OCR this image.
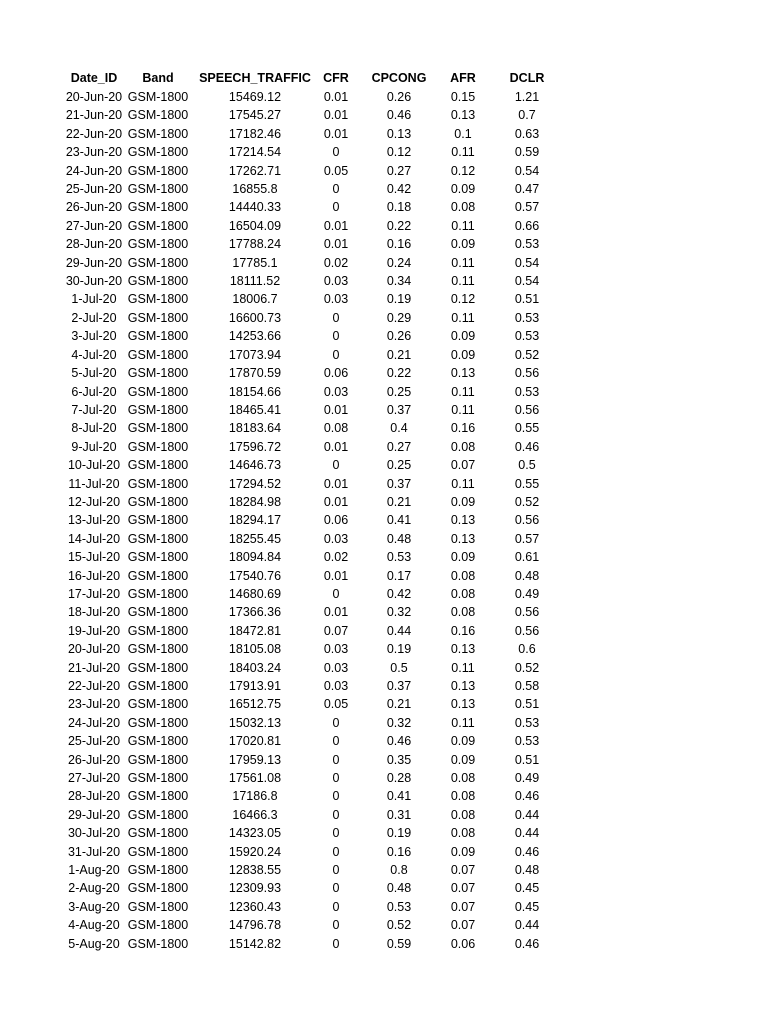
Date_ID	Band	SPEECH_TRAFFIC	CFR	CPCONG	AFR	DCLR
20-Jun-20	GSM-1800	15469.12	0.01	0.26	0.15	1.21
21-Jun-20	GSM-1800	17545.27	0.01	0.46	0.13	0.7
22-Jun-20	GSM-1800	17182.46	0.01	0.13	0.1	0.63
23-Jun-20	GSM-1800	17214.54	0	0.12	0.11	0.59
24-Jun-20	GSM-1800	17262.71	0.05	0.27	0.12	0.54
25-Jun-20	GSM-1800	16855.8	0	0.42	0.09	0.47
26-Jun-20	GSM-1800	14440.33	0	0.18	0.08	0.57
27-Jun-20	GSM-1800	16504.09	0.01	0.22	0.11	0.66
28-Jun-20	GSM-1800	17788.24	0.01	0.16	0.09	0.53
29-Jun-20	GSM-1800	17785.1	0.02	0.24	0.11	0.54
30-Jun-20	GSM-1800	18111.52	0.03	0.34	0.11	0.54
1-Jul-20	GSM-1800	18006.7	0.03	0.19	0.12	0.51
2-Jul-20	GSM-1800	16600.73	0	0.29	0.11	0.53
3-Jul-20	GSM-1800	14253.66	0	0.26	0.09	0.53
4-Jul-20	GSM-1800	17073.94	0	0.21	0.09	0.52
5-Jul-20	GSM-1800	17870.59	0.06	0.22	0.13	0.56
6-Jul-20	GSM-1800	18154.66	0.03	0.25	0.11	0.53
7-Jul-20	GSM-1800	18465.41	0.01	0.37	0.11	0.56
8-Jul-20	GSM-1800	18183.64	0.08	0.4	0.16	0.55
9-Jul-20	GSM-1800	17596.72	0.01	0.27	0.08	0.46
10-Jul-20	GSM-1800	14646.73	0	0.25	0.07	0.5
11-Jul-20	GSM-1800	17294.52	0.01	0.37	0.11	0.55
12-Jul-20	GSM-1800	18284.98	0.01	0.21	0.09	0.52
13-Jul-20	GSM-1800	18294.17	0.06	0.41	0.13	0.56
14-Jul-20	GSM-1800	18255.45	0.03	0.48	0.13	0.57
15-Jul-20	GSM-1800	18094.84	0.02	0.53	0.09	0.61
16-Jul-20	GSM-1800	17540.76	0.01	0.17	0.08	0.48
17-Jul-20	GSM-1800	14680.69	0	0.42	0.08	0.49
18-Jul-20	GSM-1800	17366.36	0.01	0.32	0.08	0.56
19-Jul-20	GSM-1800	18472.81	0.07	0.44	0.16	0.56
20-Jul-20	GSM-1800	18105.08	0.03	0.19	0.13	0.6
21-Jul-20	GSM-1800	18403.24	0.03	0.5	0.11	0.52
22-Jul-20	GSM-1800	17913.91	0.03	0.37	0.13	0.58
23-Jul-20	GSM-1800	16512.75	0.05	0.21	0.13	0.51
24-Jul-20	GSM-1800	15032.13	0	0.32	0.11	0.53
25-Jul-20	GSM-1800	17020.81	0	0.46	0.09	0.53
26-Jul-20	GSM-1800	17959.13	0	0.35	0.09	0.51
27-Jul-20	GSM-1800	17561.08	0	0.28	0.08	0.49
28-Jul-20	GSM-1800	17186.8	0	0.41	0.08	0.46
29-Jul-20	GSM-1800	16466.3	0	0.31	0.08	0.44
30-Jul-20	GSM-1800	14323.05	0	0.19	0.08	0.44
31-Jul-20	GSM-1800	15920.24	0	0.16	0.09	0.46
1-Aug-20	GSM-1800	12838.55	0	0.8	0.07	0.48
2-Aug-20	GSM-1800	12309.93	0	0.48	0.07	0.45
3-Aug-20	GSM-1800	12360.43	0	0.53	0.07	0.45
4-Aug-20	GSM-1800	14796.78	0	0.52	0.07	0.44
5-Aug-20	GSM-1800	15142.82	0	0.59	0.06	0.46
